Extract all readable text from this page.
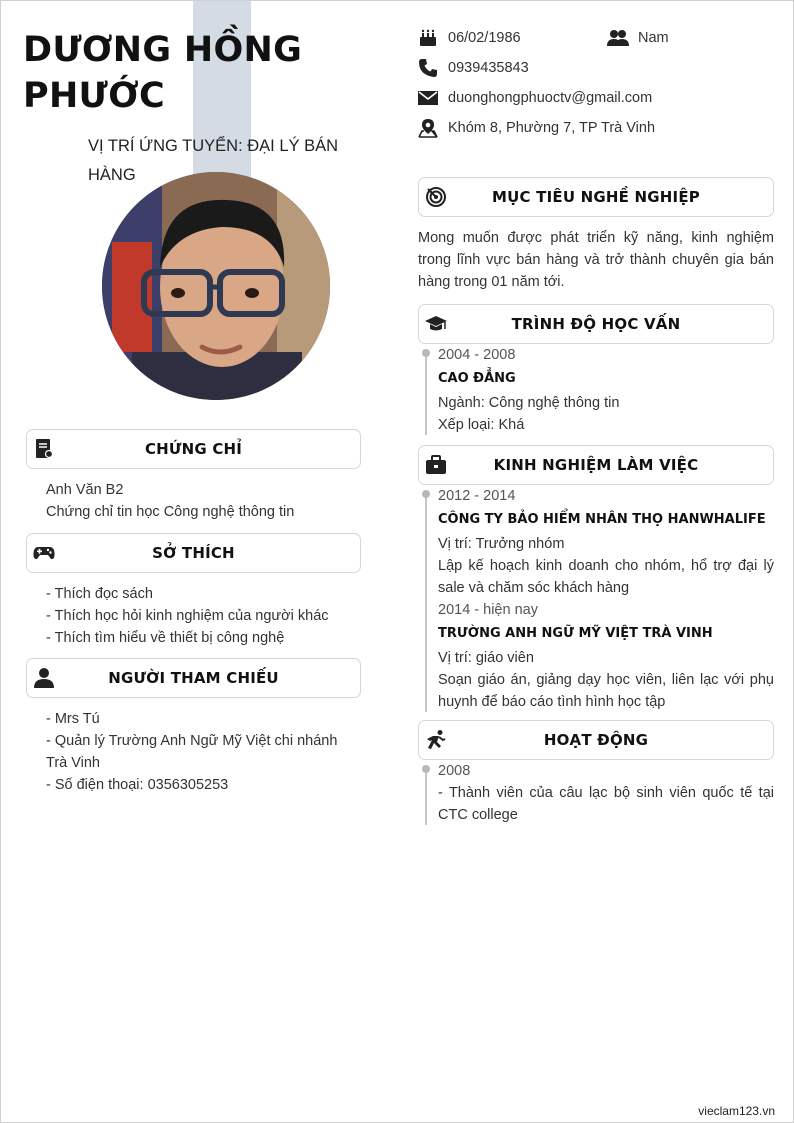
DƯƠNG HỒNG PHƯỚC
VỊ TRÍ ỨNG TUYỂN: ĐẠI LÝ BÁN HÀNG
06/02/1986	Nam
0939435843
duonghongphuoctv@gmail.com
Khóm 8, Phường 7, TP Trà Vinh
MỤC TIÊU NGHỀ NGHIỆP
Mong muốn được phát triển kỹ năng, kinh nghiệm trong lĩnh vực bán hàng và trở thành chuyên gia bán hàng trong 01 năm tới.
TRÌNH ĐỘ HỌC VẤN
2004 - 2008
CAO ĐẲNG
Ngành: Công nghệ thông tin
Xếp loại: Khá
KINH NGHIỆM LÀM VIỆC
2012 - 2014
CÔNG TY BẢO HIỂM NHÂN THỌ HANWHALIFE
Vị trí: Trưởng nhóm
Lập kế hoạch kinh doanh cho nhóm, hổ trợ đại lý sale và chăm sóc khách hàng
2014 - hiện nay
TRƯỜNG ANH NGỮ MỸ VIỆT TRÀ VINH
Vị trí: giáo viên
Soạn giáo án, giảng dạy học viên, liên lạc với phụ huynh để báo cáo tình hình học tập
HOẠT ĐỘNG
2008
- Thành viên của câu lạc bộ sinh viên quốc tế tại CTC college
CHỨNG CHỈ
Anh Văn B2
Chứng chỉ tin học Công nghệ thông tin
SỞ THÍCH
- Thích đọc sách
- Thích học hỏi kinh nghiệm của người khác
- Thích tìm hiểu về thiết bị công nghệ
NGƯỜI THAM CHIẾU
- Mrs Tú
- Quản lý Trường Anh Ngữ Mỹ Việt chi nhánh Trà Vinh
- Số điện thoại: 0356305253
vieclam123.vn
